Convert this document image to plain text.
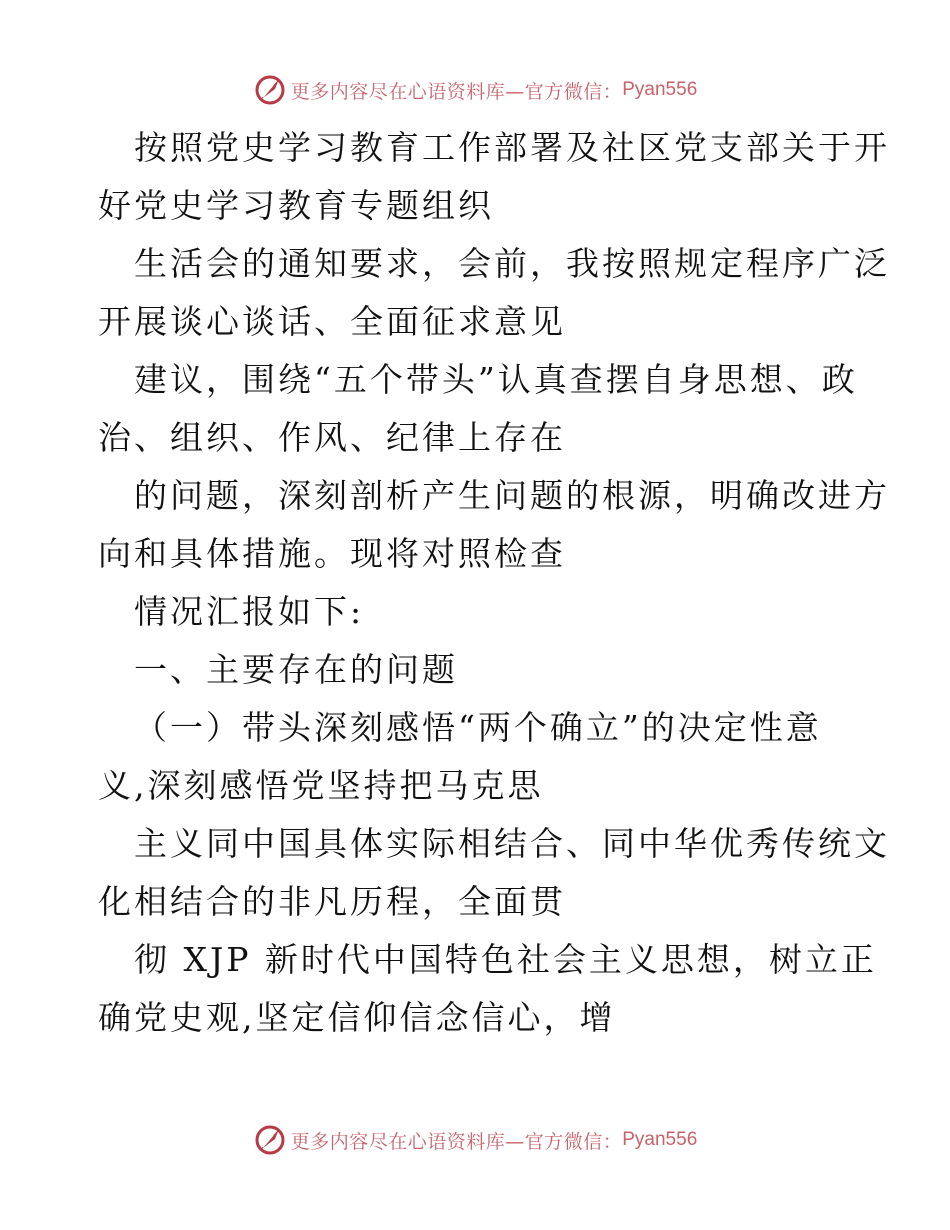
更多内容尽在心语资料库—官方微信： Pyan556
按照党史学习教育工作部署及社区党支部关于开
好党史学习教育专题组织
生活会的通知要求，会前，我按照规定程序广泛
开展谈心谈话、全面征求意见
建议，围绕“五个带头”认真查摆自身思想、政
治、组织、作风、纪律上存在
的问题，深刻剖析产生问题的根源，明确改进方
向和具体措施。现将对照检查
情况汇报如下:
一、主要存在的问题
（一）带头深刻感悟“两个确立”的决定性意
义,深刻感悟党坚持把马克思
主义同中国具体实际相结合、同中华优秀传统文
化相结合的非凡历程，全面贯
彻 XJP 新时代中国特色社会主义思想，树立正
确党史观,坚定信仰信念信心，增
更多内容尽在心语资料库—官方微信： Pyan556
